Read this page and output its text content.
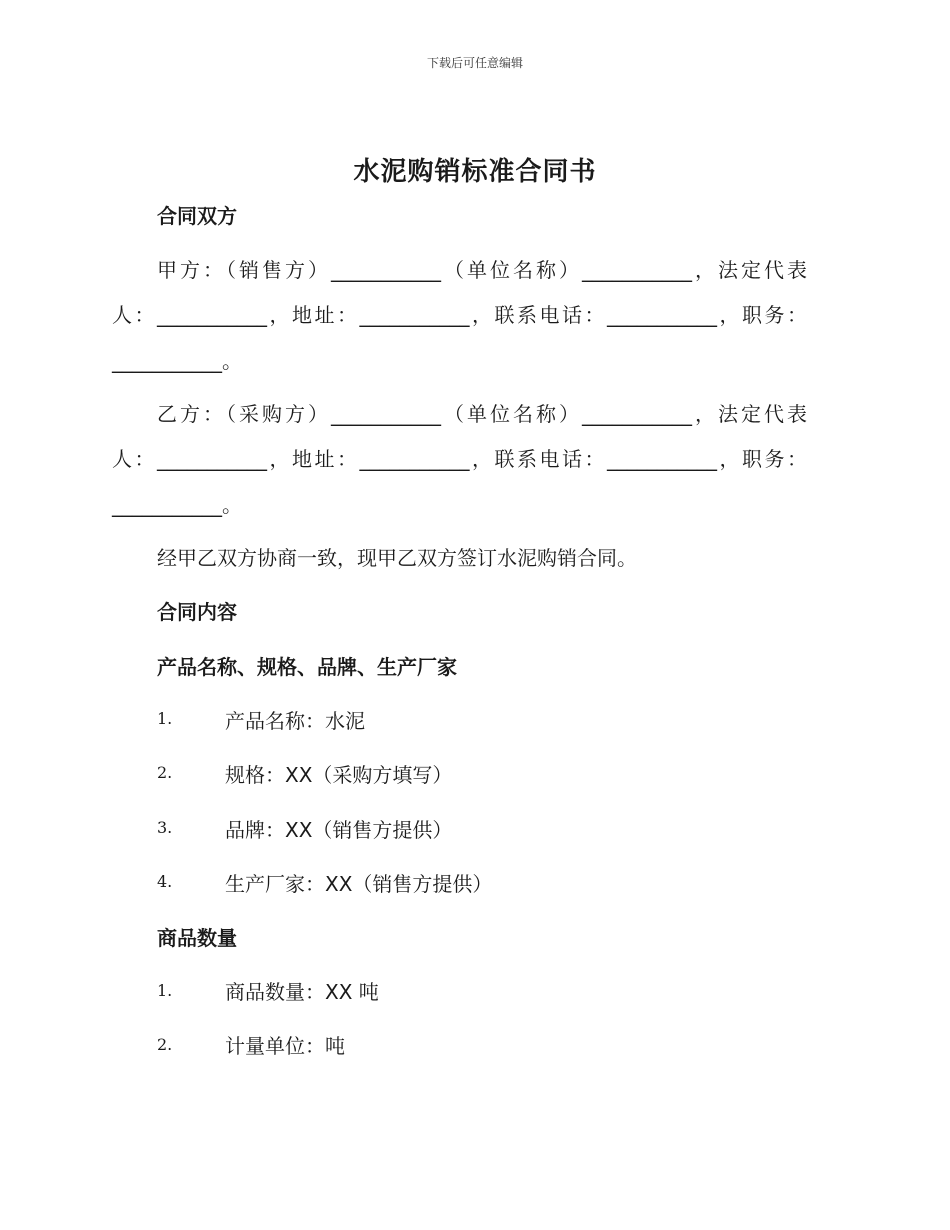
下载后可任意编辑
水泥购销标准合同书
合同双方
甲方：（销售方）___________（单位名称）___________，法定代表
人：___________，地址：___________，联系电话：___________，职务：
___________。
乙方：（采购方）___________（单位名称）___________，法定代表
人：___________，地址：___________，联系电话：___________，职务：
___________。
经甲乙双方协商一致，现甲乙双方签订水泥购销合同。
合同内容
产品名称、规格、品牌、生产厂家
1.	产品名称：水泥
2.	规格：XX（采购方填写）
3.	品牌：XX（销售方提供）
4.	生产厂家：XX（销售方提供）
商品数量
1.	商品数量：XX 吨
2.	计量单位：吨
